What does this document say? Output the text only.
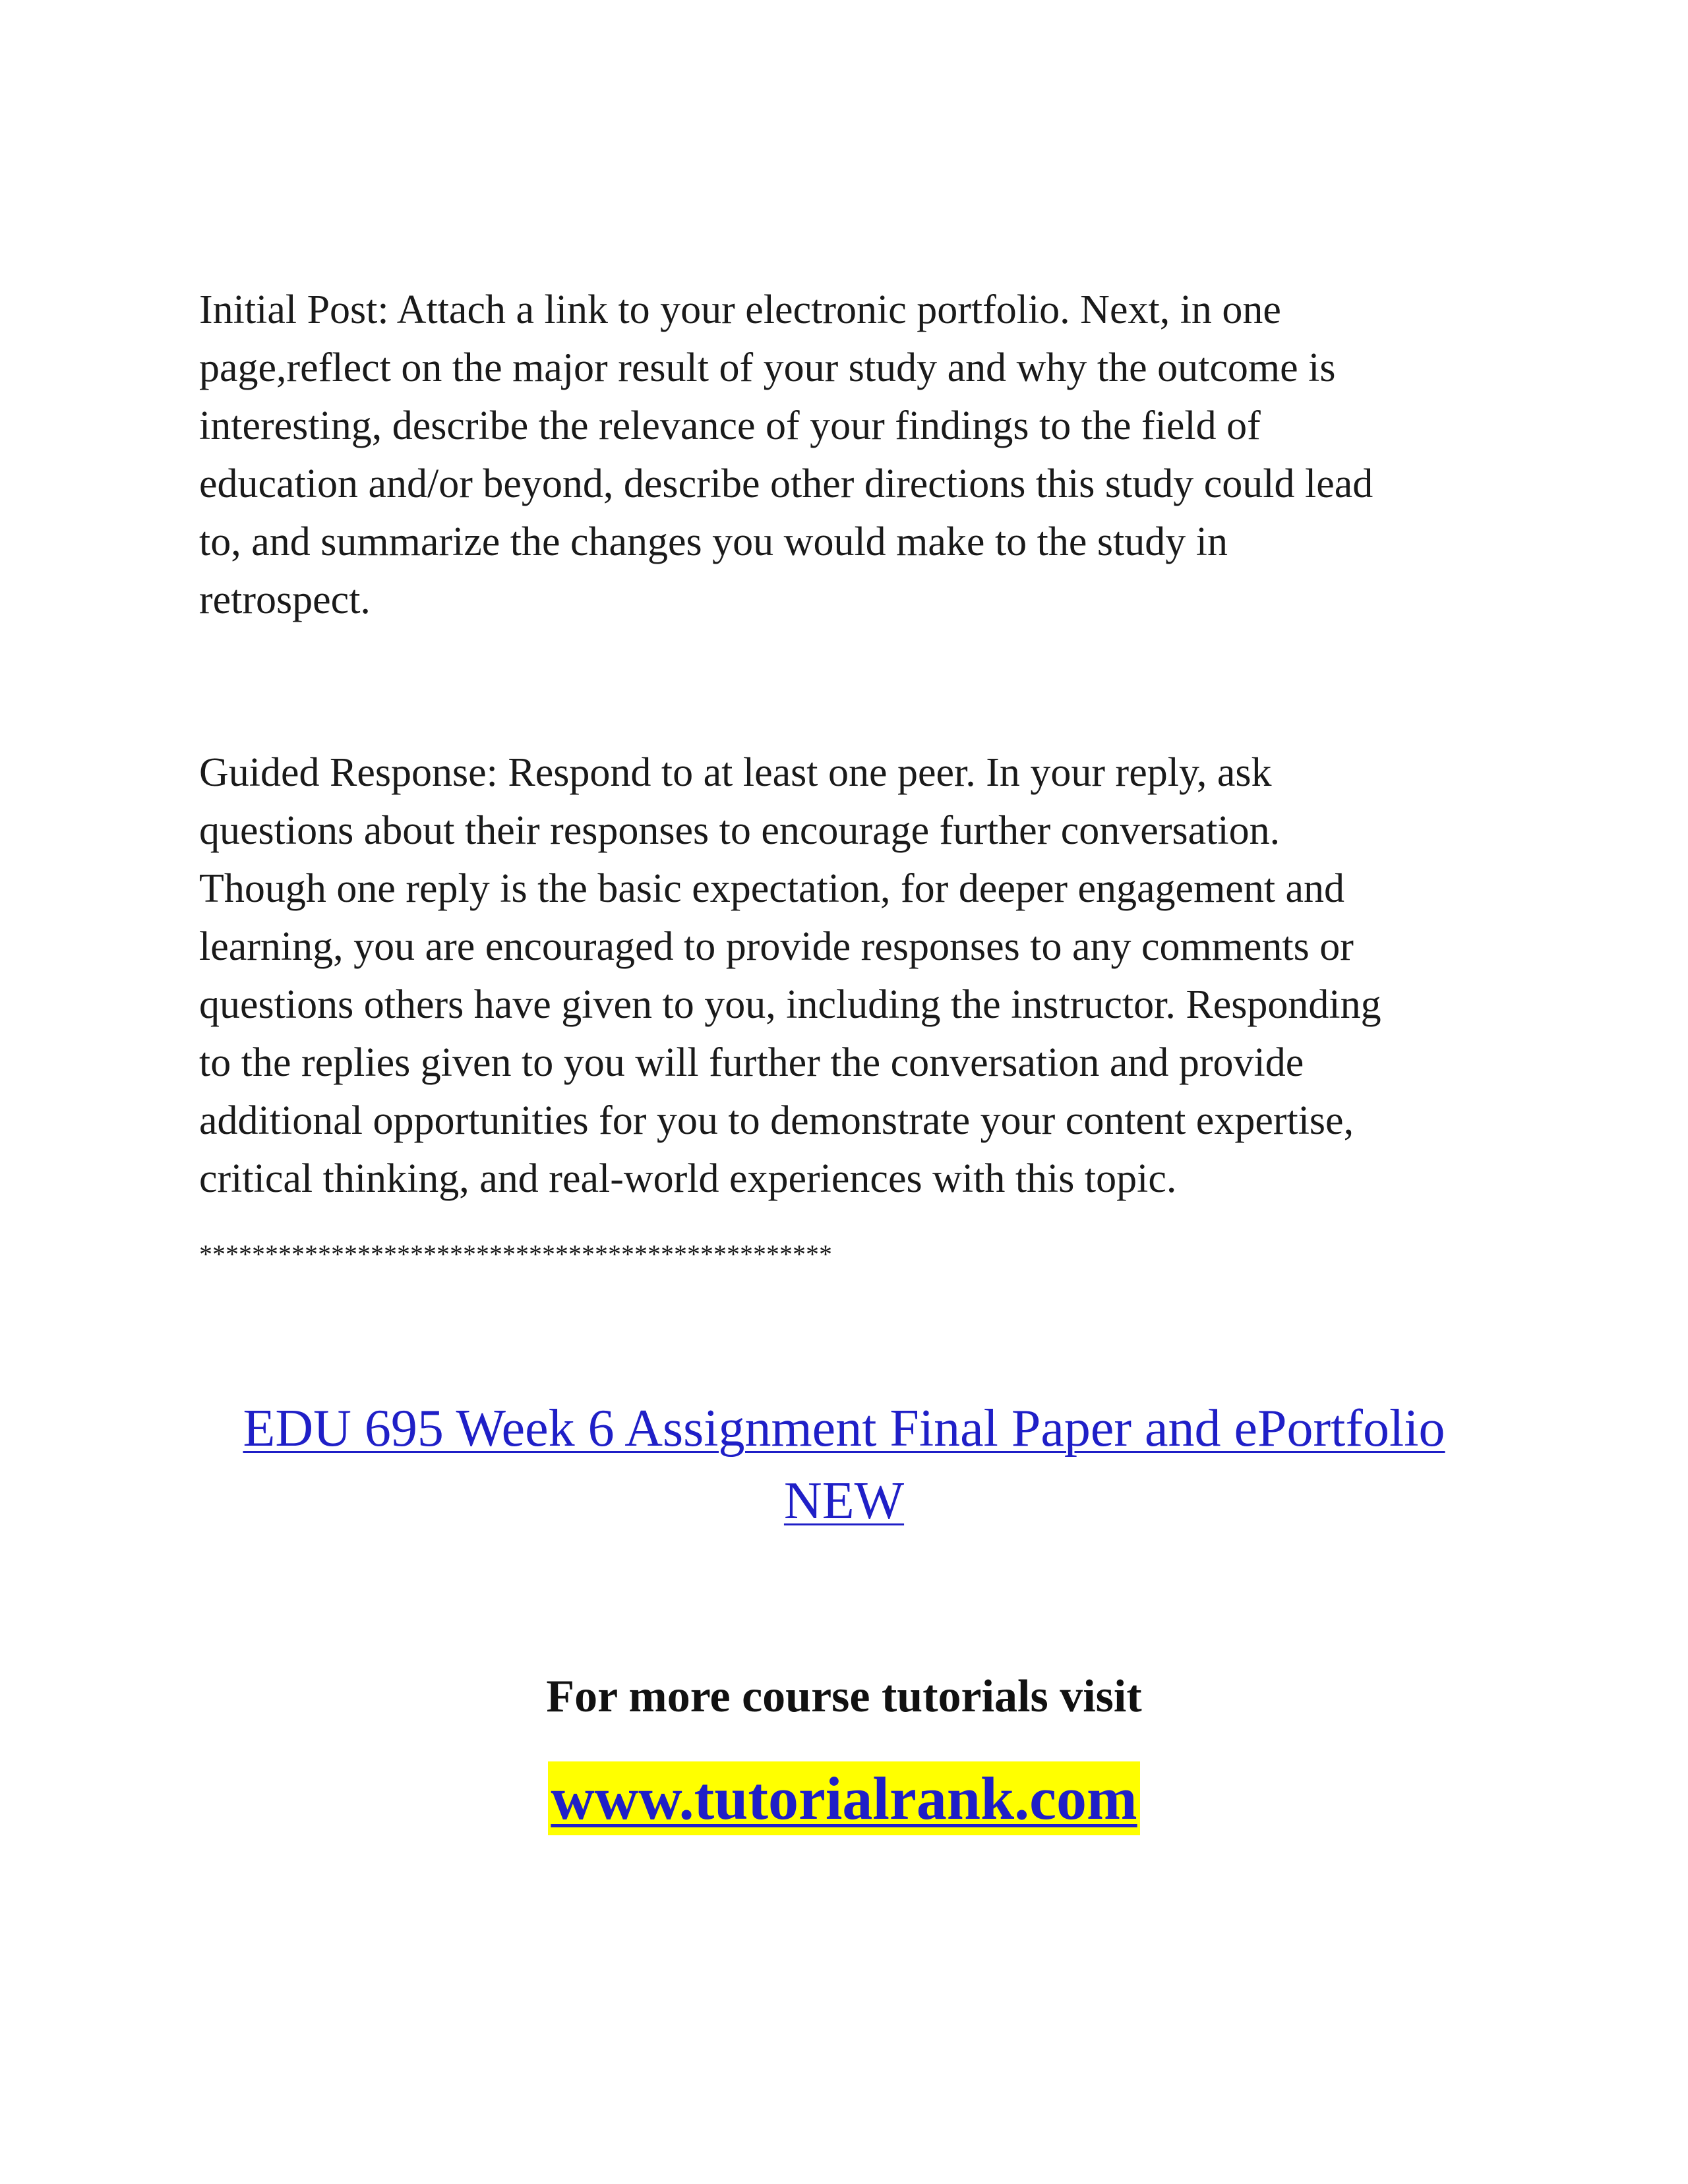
Initial Post: Attach a link to your electronic portfolio. Next, in one
page,reflect on the major result of your study and why the outcome is
interesting, describe the relevance of your findings to the field of
education and/or beyond, describe other directions this study could lead
to, and summarize the changes you would make to the study in
retrospect.

Guided Response: Respond to at least one peer. In your reply, ask
questions about their responses to encourage further conversation.
Though one reply is the basic expectation, for deeper engagement and
learning, you are encouraged to provide responses to any comments or
questions others have given to you, including the instructor. Responding
to the replies given to you will further the conversation and provide
additional opportunities for you to demonstrate your content expertise,
critical thinking, and real-world experiences with this topic.

************************************************

EDU 695 Week 6 Assignment Final Paper and ePortfolio
NEW
For more course tutorials visit
www.tutorialrank.com
